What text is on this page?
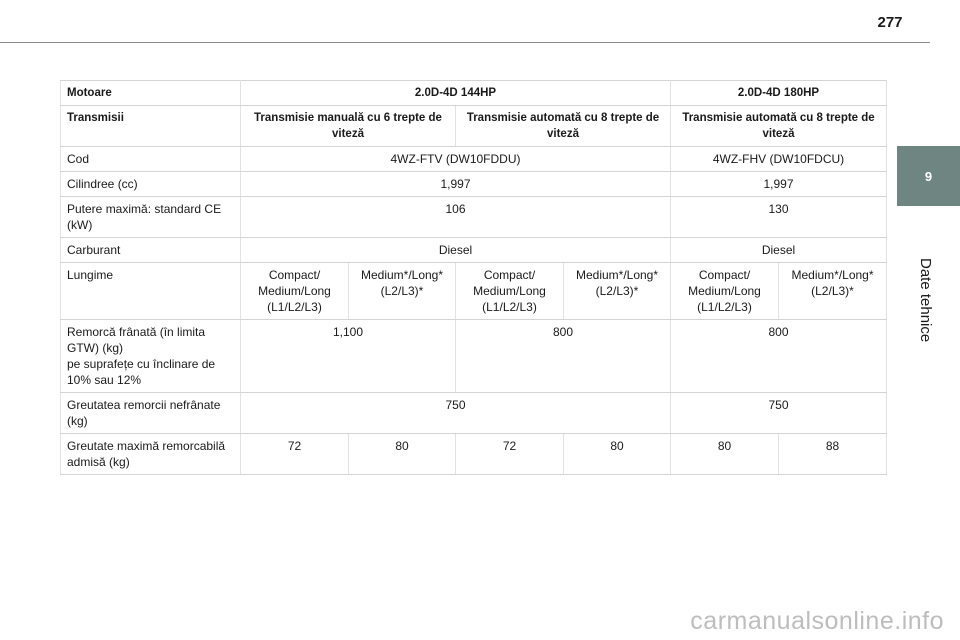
277
9
Date tehnice
Motoare	2.0D-4D 144HP				2.0D-4D 180HP	
Transmisii	Transmisie manuală cu 6 trepte de viteză		Transmisie automată cu 8 trepte de viteză		Transmisie automată cu 8 trepte de viteză	
Cod	4WZ-FTV (DW10FDDU)				4WZ-FHV (DW10FDCU)	
Cilindree (cc)	1,997				1,997	
Putere maximă: standard CE (kW)	106				130	
Carburant	Diesel				Diesel	
Lungime	Compact/ Medium/Long (L1/L2/L3)	Medium*/Long* (L2/L3)*	Compact/ Medium/Long (L1/L2/L3)	Medium*/Long* (L2/L3)*	Compact/ Medium/Long (L1/L2/L3)	Medium*/Long* (L2/L3)*

Remorcă frânată (în limita GTW) (kg)
pe suprafețe cu înclinare de 10% sau 12%	1,100		800		800	
Greutatea remorcii nefrânate (kg)	750				750	
Greutate maximă remorcabilă admisă (kg)	72	80	72	80	80	88
carmanualsonline.info
